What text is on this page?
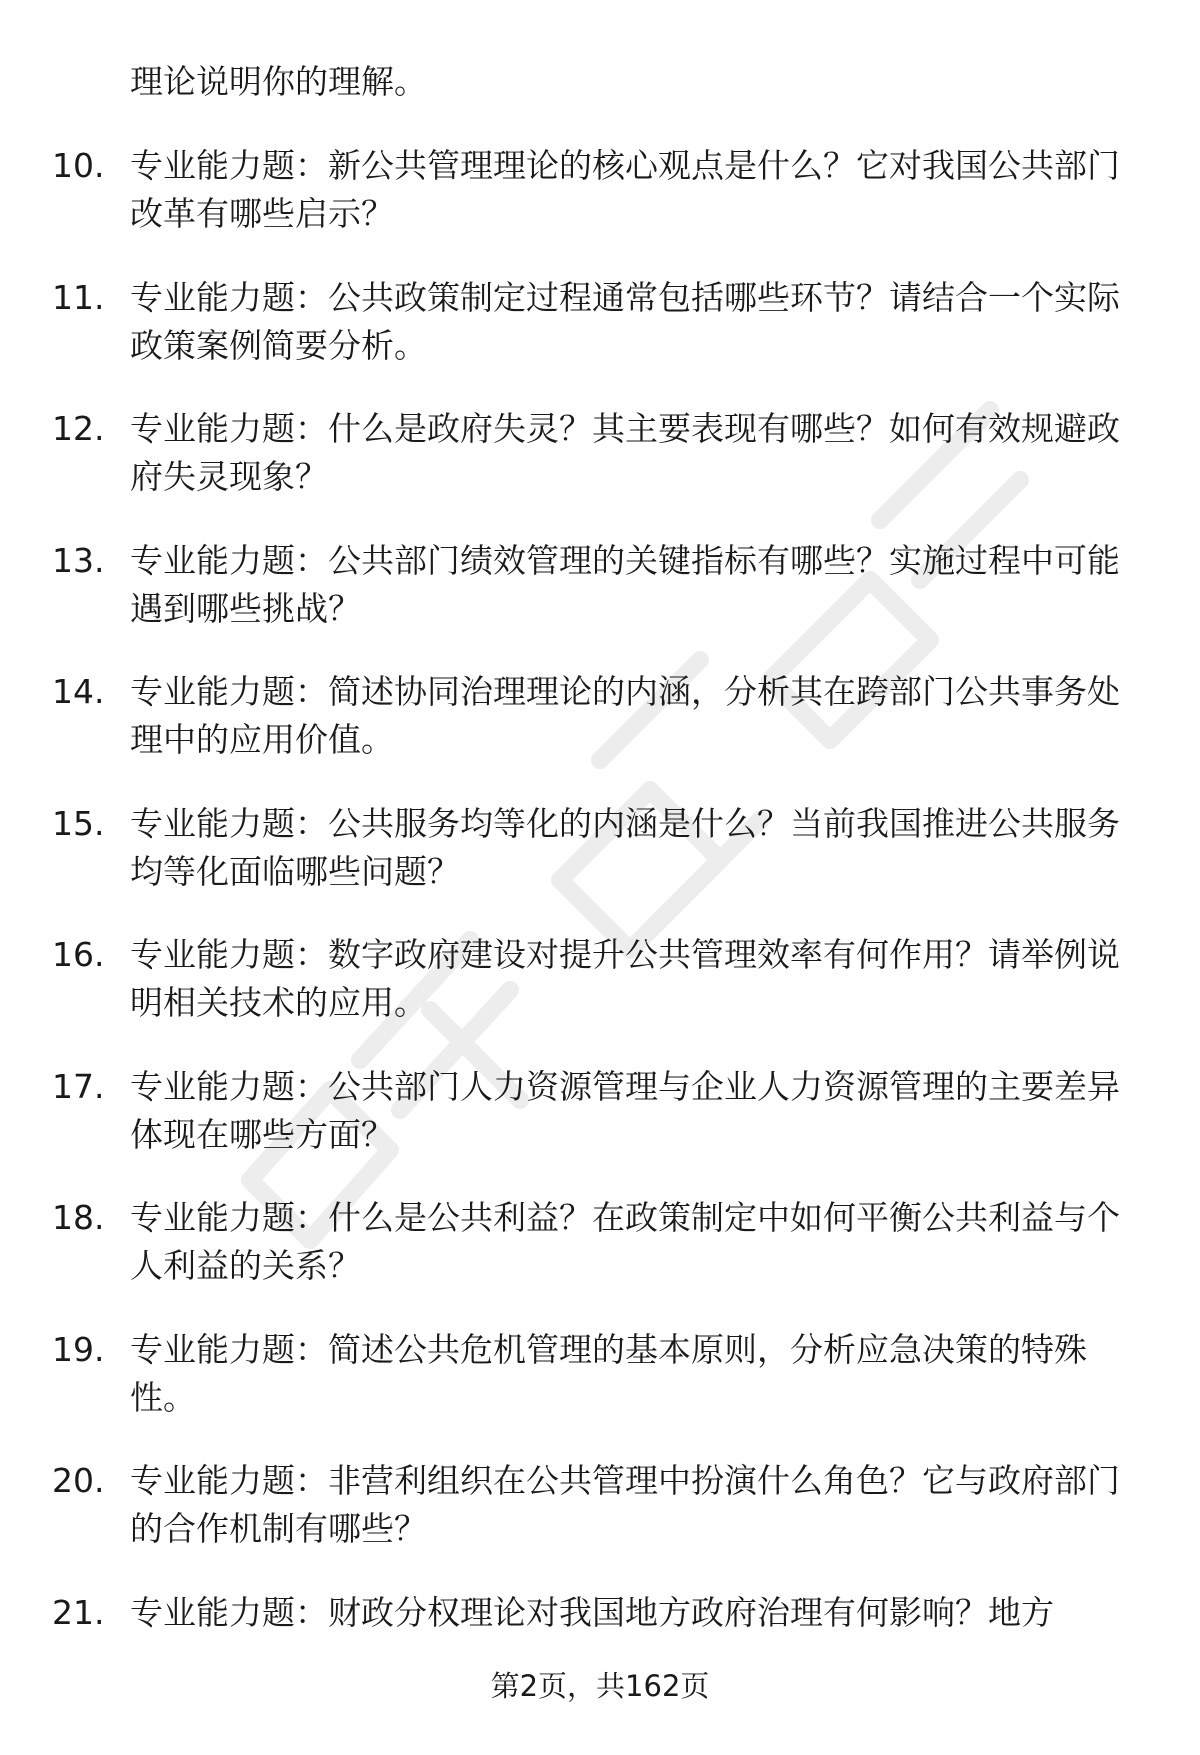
理论说明你的理解。
10. 专业能力题：新公共管理理论的核心观点是什么？它对我国公共部门改革有哪些启示？
11. 专业能力题：公共政策制定过程通常包括哪些环节？请结合一个实际政策案例简要分析。
12. 专业能力题：什么是政府失灵？其主要表现有哪些？如何有效规避政府失灵现象？
13. 专业能力题：公共部门绩效管理的关键指标有哪些？实施过程中可能遇到哪些挑战？
14. 专业能力题：简述协同治理理论的内涵，分析其在跨部门公共事务处理中的应用价值。
15. 专业能力题：公共服务均等化的内涵是什么？当前我国推进公共服务均等化面临哪些问题？
16. 专业能力题：数字政府建设对提升公共管理效率有何作用？请举例说明相关技术的应用。
17. 专业能力题：公共部门人力资源管理与企业人力资源管理的主要差异体现在哪些方面？
18. 专业能力题：什么是公共利益？在政策制定中如何平衡公共利益与个人利益的关系？
19. 专业能力题：简述公共危机管理的基本原则，分析应急决策的特殊性。
20. 专业能力题：非营利组织在公共管理中扮演什么角色？它与政府部门的合作机制有哪些？
21. 专业能力题：财政分权理论对我国地方政府治理有何影响？地方
第2页，共162页
